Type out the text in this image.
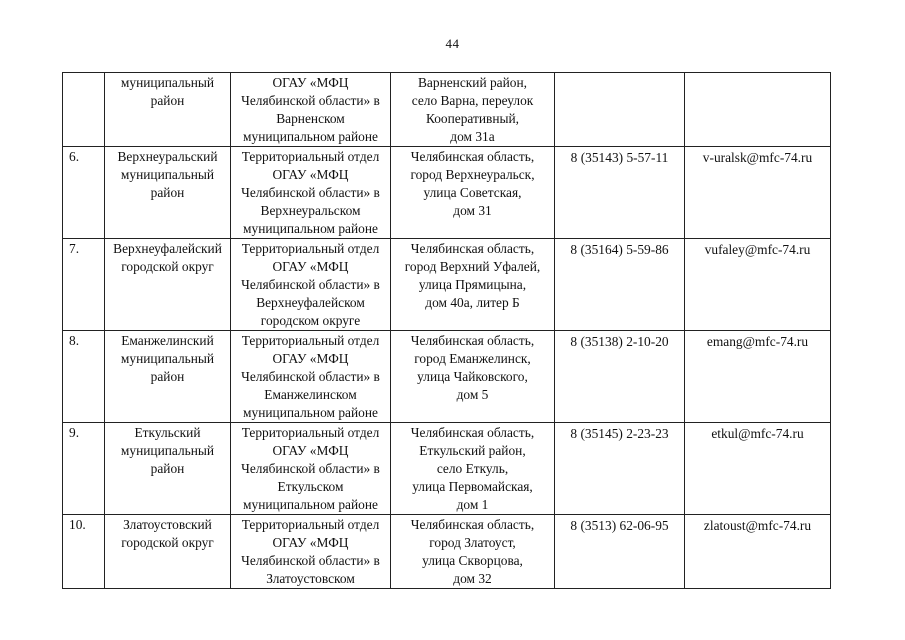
44
	муниципальный
район	ОГАУ «МФЦ
Челябинской области» в
Варненском
муниципальном районе	Варненский район,
село Варна, переулок
Кооперативный,
дом 31а		
6.	Верхнеуральский
муниципальный
район	Территориальный отдел
ОГАУ «МФЦ
Челябинской области» в
Верхнеуральском
муниципальном районе	Челябинская область,
город Верхнеуральск,
улица Советская,
дом 31	8 (35143) 5-57-11	v-uralsk@mfc-74.ru
7.	Верхнеуфалейский
городской округ	Территориальный отдел
ОГАУ «МФЦ
Челябинской области» в
Верхнеуфалейском
городском округе	Челябинская область,
город Верхний Уфалей,
улица Прямицына,
дом 40а, литер Б	8 (35164) 5-59-86	vufaley@mfc-74.ru
8.	Еманжелинский
муниципальный
район	Территориальный отдел
ОГАУ «МФЦ
Челябинской области» в
Еманжелинском
муниципальном районе	Челябинская область,
город Еманжелинск,
улица Чайковского,
дом 5	8 (35138) 2-10-20	emang@mfc-74.ru
9.	Еткульский
муниципальный
район	Территориальный отдел
ОГАУ «МФЦ
Челябинской области» в
Еткульском
муниципальном районе	Челябинская область,
Еткульский район,
село Еткуль,
улица Первомайская,
дом 1	8 (35145) 2-23-23	etkul@mfc-74.ru
10.	Златоустовский
городской округ	Территориальный отдел
ОГАУ «МФЦ
Челябинской области» в
Златоустовском	Челябинская область,
город Златоуст,
улица Скворцова,
дом 32	8 (3513) 62-06-95	zlatoust@mfc-74.ru
